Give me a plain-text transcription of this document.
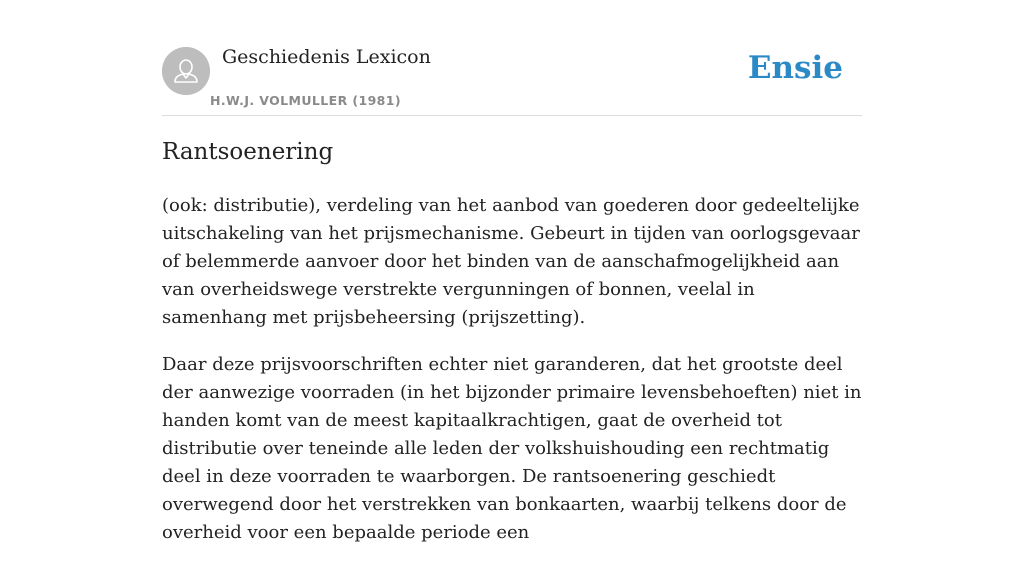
Geschiedenis Lexicon
H.W.J. VOLMULLER (1981)
Ensie
Rantsoenering

(ook: distributie), verdeling van het aanbod van goederen door gedeeltelijke uitschakeling van het prijsmechanisme. Gebeurt in tijden van oorlogsgevaar of belemmerde aanvoer door het binden van de aanschafmogelijkheid aan van overheidswege verstrekte vergunningen of bonnen, veelal in samenhang met prijsbeheersing (prijszetting).

Daar deze prijsvoorschriften echter niet garanderen, dat het grootste deel der aanwezige voorraden (in het bijzonder primaire levensbehoeften) niet in handen komt van de meest kapitaalkrachtigen, gaat de overheid tot distributie over teneinde alle leden der volkshuishouding een rechtmatig deel in deze voorraden te waarborgen. De rantsoenering geschiedt overwegend door het verstrekken van bonkaarten, waarbij telkens door de overheid voor een bepaalde periode een
